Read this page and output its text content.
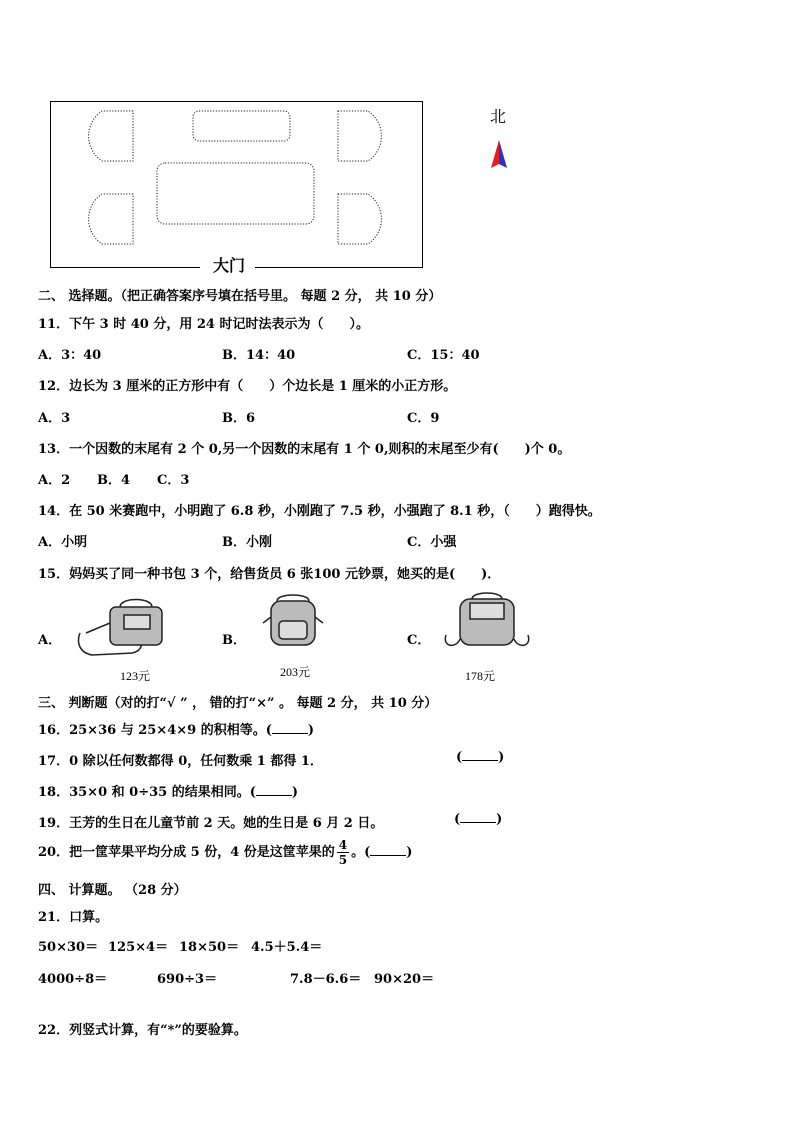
大门
北
二、 选择题。（把正确答案序号填在括号里。 每题 2 分， 共 10 分）
11．下午 3 时 40 分，用 24 时记时法表示为（　　）。
A．3：40	B．14：40	C．15：40
12．边长为 3 厘米的正方形中有（　　）个边长是 1 厘米的小正方形。
A．3	B．6	C．9
13．一个因数的末尾有 2 个 0,另一个因数的末尾有 1 个 0,则积的末尾至少有(　　)个 0。
A．2 B．4 C．3
14．在 50 米赛跑中，小明跑了 6.8 秒，小刚跑了 7.5 秒，小强跑了 8.1 秒，（　　）跑得快。
A．小明	B．小刚	C．小强
15．妈妈买了同一种书包 3 个，给售货员 6 张100 元钞票，她买的是(　　)．
A．	B．	C．
123元	203元	178元
三、 判断题（对的打“√ ” ， 错的打“×” 。 每题 2 分， 共 10 分）
16．25×36 与 25×4×9 的积相等。(	)
17．0 除以任何数都得 0，任何数乘 1 都得 1．	(	)
18．35×0 和 0÷35 的结果相同。(	)
19．王芳的生日在儿童节前 2 天。她的生日是 6 月 2 日。	(	)
20．把一筐苹果平均分成 5 份，4 份是这筐苹果的 $\frac{4}{5}$ 。(	)
四、 计算题。 （28 分）
21．口算。
50×30＝ 125×4＝ 18×50＝ 4.5＋5.4＝
4000÷8＝	690÷3＝	7.8－6.6＝ 90×20＝
22．列竖式计算，有“*”的要验算。
